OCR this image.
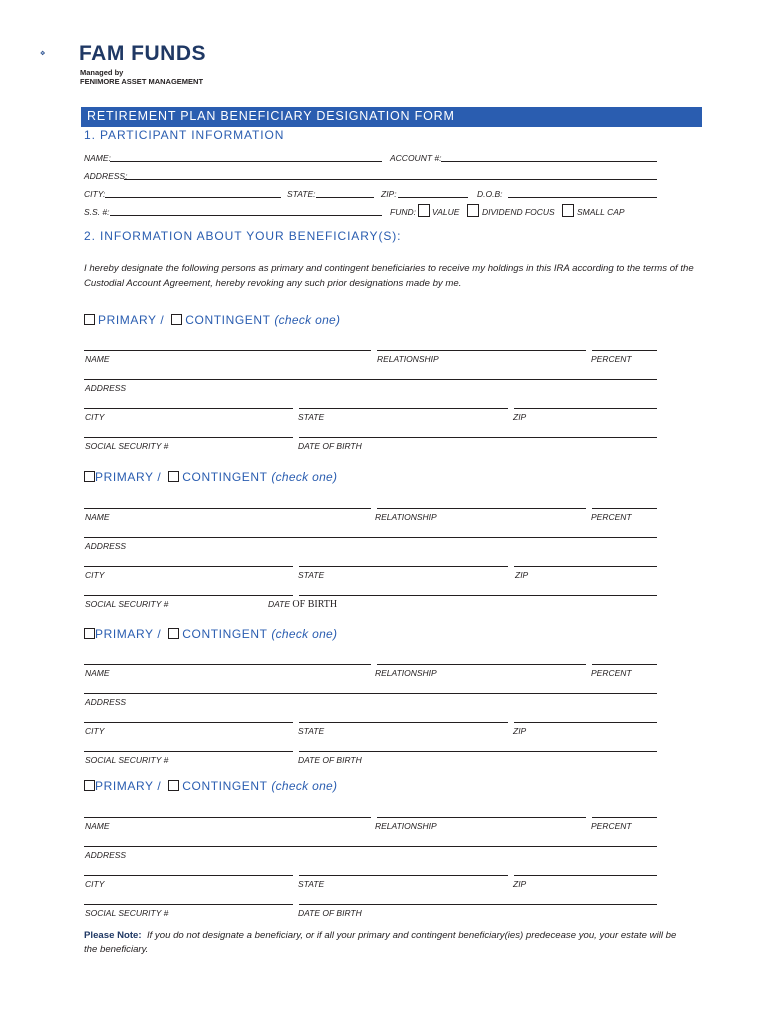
FAM FUNDS
Managed by
FENIMORE ASSET MANAGEMENT
RETIREMENT PLAN BENEFICIARY DESIGNATION FORM
1. PARTICIPANT INFORMATION
NAME:	ACCOUNT #:
ADDRESS:
CITY:	STATE:	ZIP:	D.O.B:
S.S. #:	FUND: VALUE	DIVIDEND FOCUS	SMALL CAP
2. INFORMATION ABOUT YOUR BENEFICIARY(S):
I hereby designate the following persons as primary and contingent beneficiaries to receive my holdings in this IRA according to the terms of the Custodial Account Agreement, hereby revoking any such prior designations made by me.
PRIMARY / CONTINGENT (check one)
NAME	RELATIONSHIP	PERCENT
ADDRESS
CITY	STATE	ZIP
SOCIAL SECURITY #	DATE OF BIRTH
PRIMARY / CONTINGENT (check one)
NAME	RELATIONSHIP	PERCENT
ADDRESS
CITY	STATE	ZIP
SOCIAL SECURITY #	DATE OF BIRTH
PRIMARY / CONTINGENT (check one)
NAME	RELATIONSHIP	PERCENT
ADDRESS
CITY	STATE	ZIP
SOCIAL SECURITY #	DATE OF BIRTH
PRIMARY / CONTINGENT (check one)
NAME	RELATIONSHIP	PERCENT
ADDRESS
CITY	STATE	ZIP
SOCIAL SECURITY #	DATE OF BIRTH
Please Note: If you do not designate a beneficiary, or if all your primary and contingent beneficiary(ies) predecease you, your estate will be the beneficiary.
